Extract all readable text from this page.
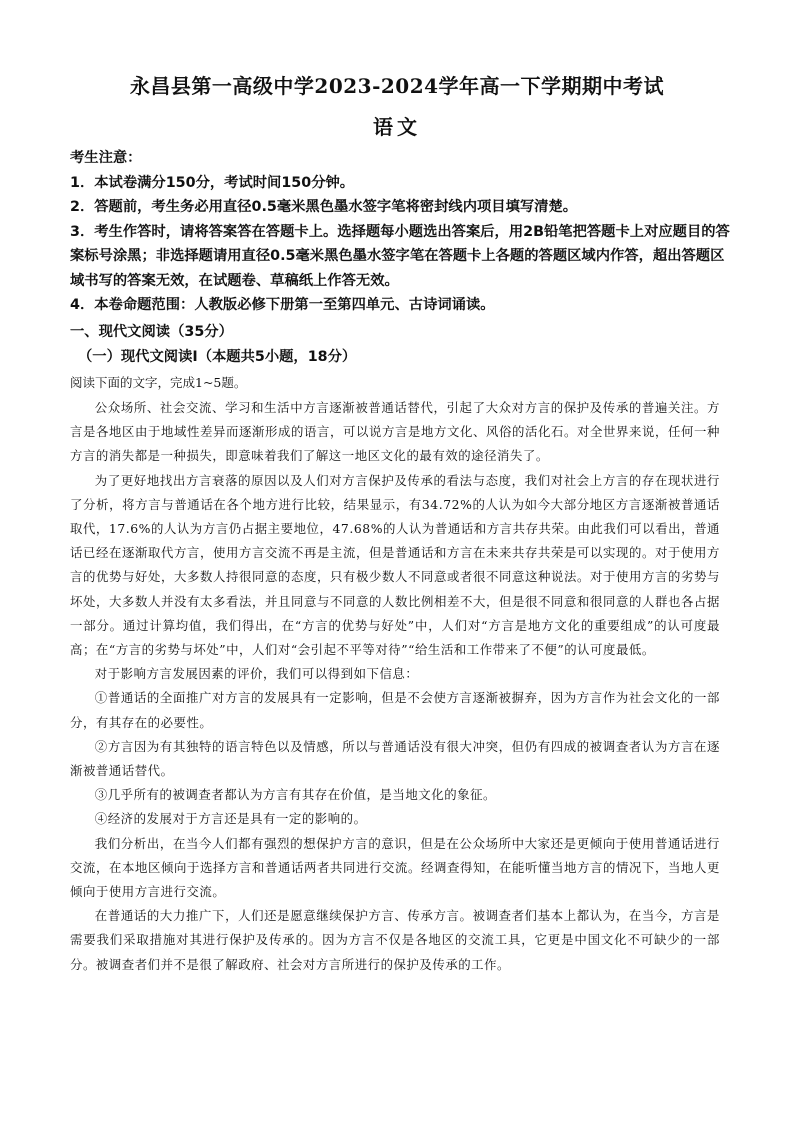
永昌县第一高级中学2023-2024学年高一下学期期中考试
语文

考生注意：

1．本试卷满分150分，考试时间150分钟。

2．答题前，考生务必用直径0.5毫米黑色墨水签字笔将密封线内项目填写清楚。

3．考生作答时，请将答案答在答题卡上。选择题每小题选出答案后，用2B铅笔把答题卡上对应题目的答案标号涂黑；非选择题请用直径0.5毫米黑色墨水签字笔在答题卡上各题的答题区域内作答，超出答题区域书写的答案无效，在试题卷、草稿纸上作答无效。

4．本卷命题范围：人教版必修下册第一至第四单元、古诗词诵读。

一、现代文阅读（35分）
（一）现代文阅读Ⅰ（本题共5小题，18分）
阅读下面的文字，完成1~5题。

公众场所、社会交流、学习和生活中方言逐渐被普通话替代，引起了大众对方言的保护及传承的普遍关注。方言是各地区由于地域性差异而逐渐形成的语言，可以说方言是地方文化、风俗的活化石。对全世界来说，任何一种方言的消失都是一种损失，即意味着我们了解这一地区文化的最有效的途径消失了。

为了更好地找出方言衰落的原因以及人们对方言保护及传承的看法与态度，我们对社会上方言的存在现状进行了分析，将方言与普通话在各个地方进行比较，结果显示，有34.72%的人认为如今大部分地区方言逐渐被普通话取代，17.6%的人认为方言仍占据主要地位，47.68%的人认为普通话和方言共存共荣。由此我们可以看出，普通话已经在逐渐取代方言，使用方言交流不再是主流，但是普通话和方言在未来共存共荣是可以实现的。对于使用方言的优势与好处，大多数人持很同意的态度，只有极少数人不同意或者很不同意这种说法。对于使用方言的劣势与坏处，大多数人并没有太多看法，并且同意与不同意的人数比例相差不大，但是很不同意和很同意的人群也各占据一部分。通过计算均值，我们得出，在“方言的优势与好处”中，人们对“方言是地方文化的重要组成”的认可度最高；在“方言的劣势与坏处”中，人们对“会引起不平等对待”“给生活和工作带来了不便”的认可度最低。

对于影响方言发展因素的评价，我们可以得到如下信息：

①普通话的全面推广对方言的发展具有一定影响，但是不会使方言逐渐被摒弃，因为方言作为社会文化的一部分，有其存在的必要性。

②方言因为有其独特的语言特色以及情感，所以与普通话没有很大冲突，但仍有四成的被调查者认为方言在逐渐被普通话替代。

③几乎所有的被调查者都认为方言有其存在价值，是当地文化的象征。

④经济的发展对于方言还是具有一定的影响的。

我们分析出，在当今人们都有强烈的想保护方言的意识，但是在公众场所中大家还是更倾向于使用普通话进行交流，在本地区倾向于选择方言和普通话两者共同进行交流。经调查得知，在能听懂当地方言的情况下，当地人更倾向于使用方言进行交流。

在普通话的大力推广下，人们还是愿意继续保护方言、传承方言。被调查者们基本上都认为，在当今，方言是需要我们采取措施对其进行保护及传承的。因为方言不仅是各地区的交流工具，它更是中国文化不可缺少的一部分。被调查者们并不是很了解政府、社会对方言所进行的保护及传承的工作。
